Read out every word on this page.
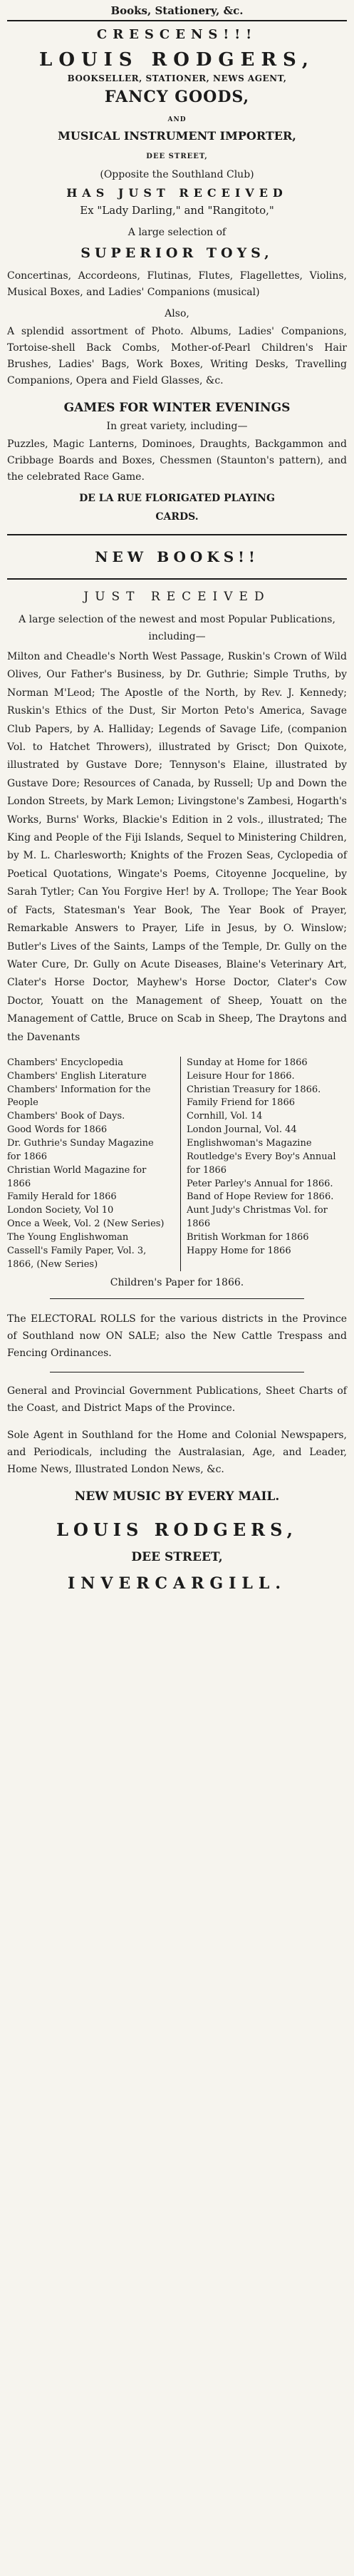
Books, Stationery, &c.
CRESCENS!!!
LOUIS RODGERS,
BOOKSELLER, STATIONER, NEWS AGENT,
FANCY GOODS,
AND
MUSICAL INSTRUMENT IMPORTER,
DEE STREET,
(Opposite the Southland Club)
HAS JUST RECEIVED
Ex "Lady Darling," and "Rangitoto,"
A large selection of
SUPERIOR TOYS,

Concertinas, Accordeons, Flutinas, Flutes, Flagellettes, Violins, Musical Boxes, and Ladies' Companions (musical)

Also,

A splendid assortment of Photo. Albums, Ladies' Companions, Tortoise-shell Back Combs, Mother-of-Pearl Children's Hair Brushes, Ladies' Bags, Work Boxes, Writing Desks, Travelling Companions, Opera and Field Glasses, &c.

GAMES FOR WINTER EVENINGS
In great variety, including—

Puzzles, Magic Lanterns, Dominoes, Draughts, Backgammon and Cribbage Boards and Boxes, Chessmen (Staunton's pattern), and the celebrated Race Game.

DE LA RUE FLORIGATED PLAYING
CARDS.
NEW BOOKS!!
JUST RECEIVED

A large selection of the newest and most Popular Publications, including—

Milton and Cheadle's North West Passage, Ruskin's Crown of Wild Olives, Our Father's Business, by Dr. Guthrie; Simple Truths, by Norman M'Leod; The Apostle of the North, by Rev. J. Kennedy; Ruskin's Ethics of the Dust, Sir Morton Peto's America, Savage Club Papers, by A. Halliday; Legends of Savage Life, (companion Vol. to Hatchet Throwers), illustrated by Grisct; Don Quixote, illustrated by Gustave Dore; Tennyson's Elaine, illustrated by Gustave Dore; Resources of Canada, by Russell; Up and Down the London Streets, by Mark Lemon; Livingstone's Zambesi, Hogarth's Works, Burns' Works, Blackie's Edition in 2 vols., illustrated; The King and People of the Fiji Islands, Sequel to Ministering Children, by M. L. Charlesworth; Knights of the Frozen Seas, Cyclopedia of Poetical Quotations, Wingate's Poems, Citoyenne Jocqueline, by Sarah Tytler; Can You Forgive Her! by A. Trollope; The Year Book of Facts, Statesman's Year Book, The Year Book of Prayer, Remarkable Answers to Prayer, Life in Jesus, by O. Winslow; Butler's Lives of the Saints, Lamps of the Temple, Dr. Gully on the Water Cure, Dr. Gully on Acute Diseases, Blaine's Veterinary Art, Clater's Horse Doctor, Mayhew's Horse Doctor, Clater's Cow Doctor, Youatt on the Management of Sheep, Youatt on the Management of Cattle, Bruce on Scab in Sheep, The Draytons and the Davenants

Chambers' Encyclopedia
Chambers' English Literature
Chambers' Information for the People
Chambers' Book of Days.
Good Words for 1866
Dr. Guthrie's Sunday Magazine for 1866
Christian World Magazine for 1866
Family Herald for 1866
London Society, Vol 10
Once a Week, Vol. 2 (New Series)
The Young Englishwoman
Cassell's Family Paper, Vol. 3, 1866, (New Series)
Sunday at Home for 1866
Leisure Hour for 1866.
Christian Treasury for 1866.
Family Friend for 1866
Cornhill, Vol. 14
London Journal, Vol. 44
Englishwoman's Magazine
Routledge's Every Boy's Annual for 1866
Peter Parley's Annual for 1866.
Band of Hope Review for 1866.
Aunt Judy's Christmas Vol. for 1866
British Workman for 1866
Happy Home for 1866
Children's Paper for 1866.

The ELECTORAL ROLLS for the various districts in the Province of Southland now ON SALE; also the New Cattle Trespass and Fencing Ordinances.

General and Provincial Government Publications, Sheet Charts of the Coast, and District Maps of the Province.

Sole Agent in Southland for the Home and Colonial Newspapers, and Periodicals, including the Australasian, Age, and Leader, Home News, Illustrated London News, &c.

NEW MUSIC BY EVERY MAIL.
LOUIS RODGERS,
DEE STREET,
INVERCARGILL.
